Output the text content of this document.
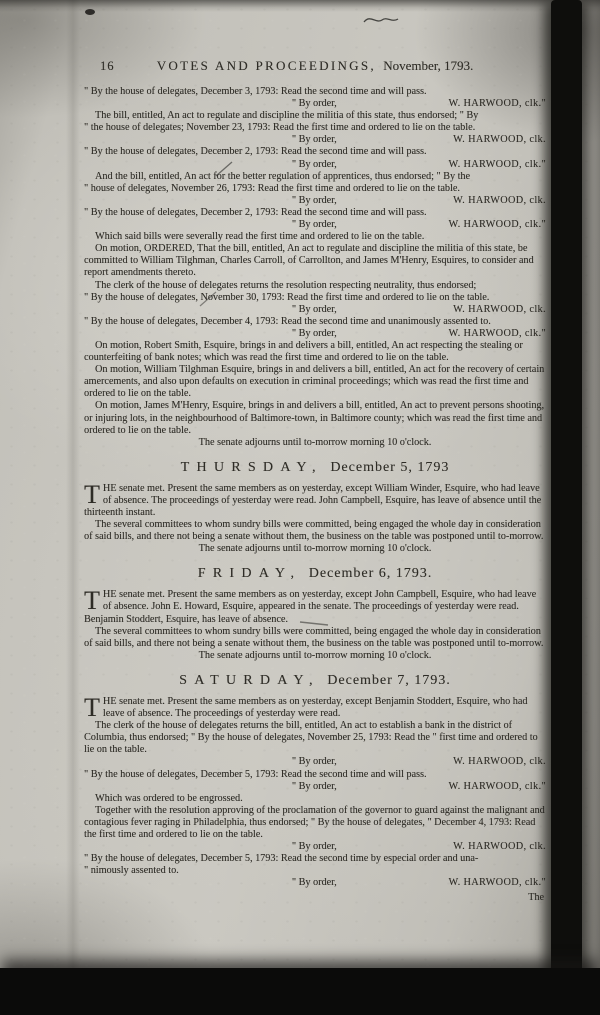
16	VOTES AND PROCEEDINGS, November, 1793.
" By the house of delegates, December 3, 1793: Read the second time and will pass.
" By order,	W. HARWOOD, clk."

The bill, entitled, An act to regulate and discipline the militia of this state, thus endorsed; " By

" the house of delegates; November 23, 1793: Read the first time and ordered to lie on the table.
" By order,	W. HARWOOD, clk.
" By the house of delegates, December 2, 1793: Read the second time and will pass.
" By order,	W. HARWOOD, clk."

And the bill, entitled, An act for the better regulation of apprentices, thus endorsed; " By the

" house of delegates, November 26, 1793: Read the first time and ordered to lie on the table.
" By order,	W. HARWOOD, clk.
" By the house of delegates, December 2, 1793: Read the second time and will pass.
" By order,	W. HARWOOD, clk."

Which said bills were severally read the first time and ordered to lie on the table.

On motion, ORDERED, That the bill, entitled, An act to regulate and discipline the militia of this state, be committed to William Tilghman, Charles Carroll, of Carrollton, and James M'Henry, Esquires, to consider and report amendments thereto.

The clerk of the house of delegates returns the resolution respecting neutrality, thus endorsed;

" By the house of delegates, November 30, 1793: Read the first time and ordered to lie on the table.
" By order,	W. HARWOOD, clk.
" By the house of delegates, December 4, 1793: Read the second time and unanimously assented to.
" By order,	W. HARWOOD, clk."

On motion, Robert Smith, Esquire, brings in and delivers a bill, entitled, An act respecting the stealing or counterfeiting of bank notes; which was read the first time and ordered to lie on the table.

On motion, William Tilghman Esquire, brings in and delivers a bill, entitled, An act for the recovery of certain amercements, and also upon defaults on execution in criminal proceedings; which was read the first time and ordered to lie on the table.

On motion, James M'Henry, Esquire, brings in and delivers a bill, entitled, An act to prevent persons shooting, or injuring lots, in the neighbourhood of Baltimore-town, in Baltimore county; which was read the first time and ordered to lie on the table.

The senate adjourns until to-morrow morning 10 o'clock.
THURSDAY, December 5, 1793

THE senate met. Present the same members as on yesterday, except William Winder, Esquire, who had leave of absence. The proceedings of yesterday were read. John Campbell, Esquire, has leave of absence until the thirteenth instant.

The several committees to whom sundry bills were committed, being engaged the whole day in consideration of said bills, and there not being a senate without them, the business on the table was postponed until to-morrow.

The senate adjourns until to-morrow morning 10 o'clock.
FRIDAY, December 6, 1793.

THE senate met. Present the same members as on yesterday, except John Campbell, Esquire, who had leave of absence. John E. Howard, Esquire, appeared in the senate. The proceedings of yesterday were read. Benjamin Stoddert, Esquire, has leave of absence.

The several committees to whom sundry bills were committed, being engaged the whole day in consideration of said bills, and there not being a senate without them, the business on the table was postponed until to-morrow.

The senate adjourns until to-morrow morning 10 o'clock.
SATURDAY, December 7, 1793.

THE senate met. Present the same members as on yesterday, except Benjamin Stoddert, Esquire, who had leave of absence. The proceedings of yesterday were read.

The clerk of the house of delegates returns the bill, entitled, An act to establish a bank in the district of Columbia, thus endorsed; " By the house of delegates, November 25, 1793: Read the " first time and ordered to lie on the table.

" By order,	W. HARWOOD, clk.
" By the house of delegates, December 5, 1793: Read the second time and will pass.
" By order,	W. HARWOOD, clk."

Which was ordered to be engrossed.

Together with the resolution approving of the proclamation of the governor to guard against the malignant and contagious fever raging in Philadelphia, thus endorsed; " By the house of delegates, " December 4, 1793: Read the first time and ordered to lie on the table.

" By order,	W. HARWOOD, clk.
" By the house of delegates, December 5, 1793: Read the second time by especial order and una-
" nimously assented to.
" By order,	W. HARWOOD, clk."
The
